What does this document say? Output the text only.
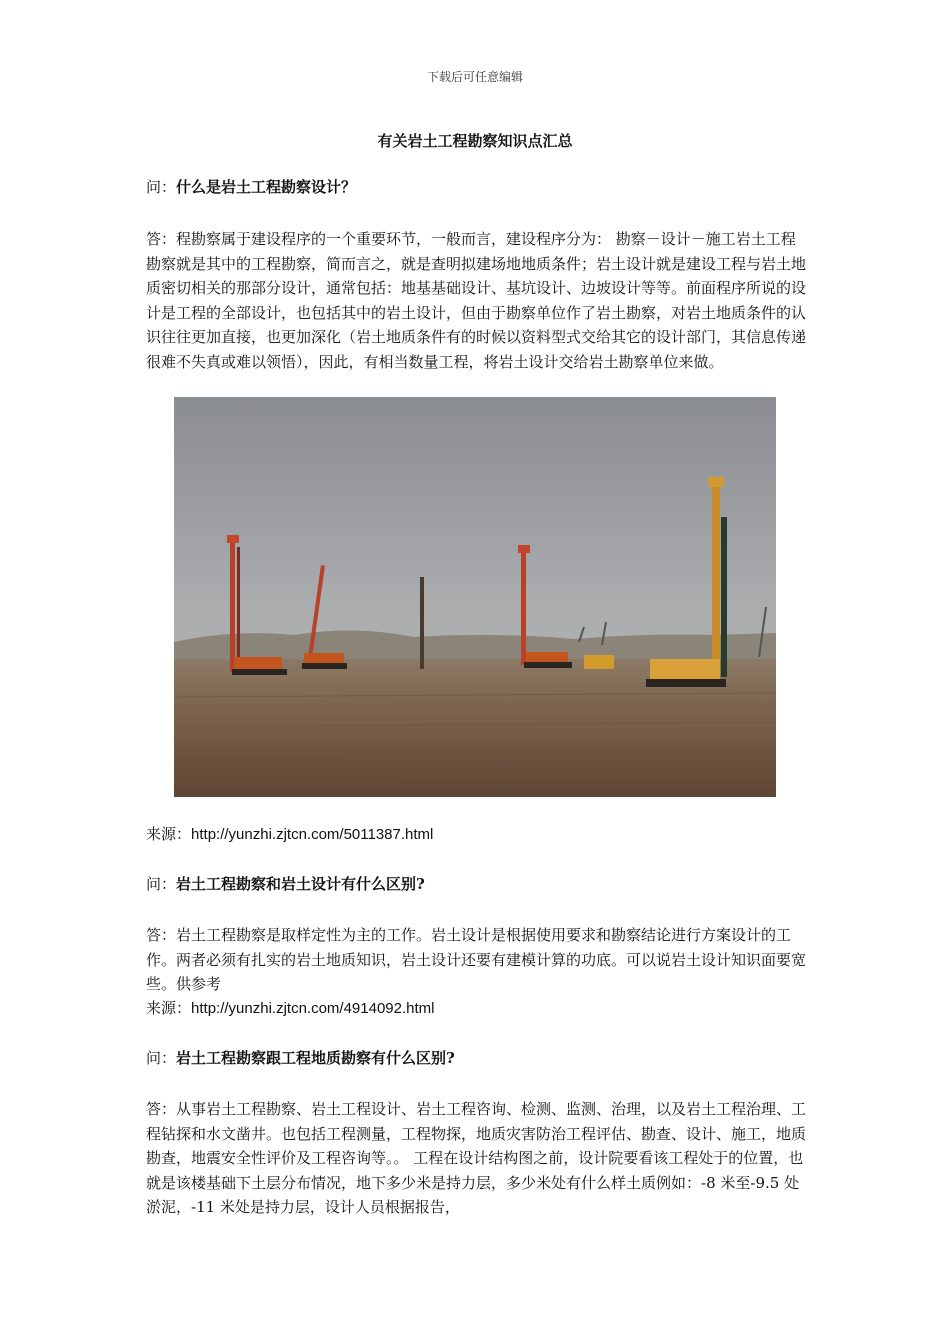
下载后可任意编辑
有关岩土工程勘察知识点汇总
问：什么是岩土工程勘察设计？
答：程勘察属于建设程序的一个重要环节，一般而言，建设程序分为： 勘察－设计－施工岩土工程勘察就是其中的工程勘察，简而言之，就是查明拟建场地地质条件；岩土设计就是建设工程与岩土地质密切相关的那部分设计，通常包括：地基基础设计、基坑设计、边坡设计等等。前面程序所说的设计是工程的全部设计，也包括其中的岩土设计，但由于勘察单位作了岩土勘察，对岩土地质条件的认识往往更加直接，也更加深化（岩土地质条件有的时候以资料型式交给其它的设计部门，其信息传递很难不失真或难以领悟），因此，有相当数量工程，将岩土设计交给岩土勘察单位来做。
来源：http://yunzhi.zjtcn.com/5011387.html
问：岩土工程勘察和岩土设计有什么区别?
答：岩土工程勘察是取样定性为主的工作。岩土设计是根据使用要求和勘察结论进行方案设计的工作。两者必须有扎实的岩土地质知识，岩土设计还要有建模计算的功底。可以说岩土设计知识面要宽些。供参考
来源：http://yunzhi.zjtcn.com/4914092.html
问：岩土工程勘察跟工程地质勘察有什么区别?
答：从事岩土工程勘察、岩土工程设计、岩土工程咨询、检测、监测、治理，以及岩土工程治理、工程钻探和水文凿井。也包括工程测量，工程物探，地质灾害防治工程评估、勘查、设计、施工，地质勘查，地震安全性评价及工程咨询等。。 工程在设计结构图之前，设计院要看该工程处于的位置，也就是该楼基础下土层分布情况，地下多少米是持力层，多少米处有什么样土质例如：-8 米至-9.5 处淤泥，-11 米处是持力层，设计人员根据报告，
